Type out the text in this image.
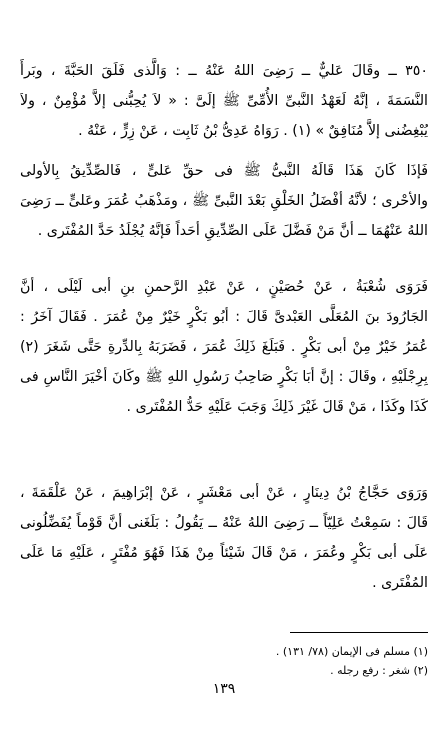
٣٥٠ ــ وقَالَ عَليٌّ ــ رَضِىَ اللهُ عَنْهُ ــ : وَالَّذى فَلَقَ الحَبَّةَ ، وبَرأَ
النَّسَمَةَ ، إنَّهُ لَعَهْدُ النَّبىِّ الأُمِّىِّ ﷺ إلَىَّ : « لاَ يُحِبُّنى إلاَّ مُؤْمِنٌ ، ولاَ
يُبْغِضُنى إلاَّ مُنَافِقٌ » (١) . رَوَاهُ عَدِىُّ بْنُ ثَابِت ، عَنْ زِرٍّ ، عَنْهُ .
فَإذَا كَانَ هَذَا قَالَهُ النَّبىُّ ﷺ فى حقِّ عَلىٍّ ، فَالصِّدِّيقُ بِالأولى
والأحْرى ؛ لأنَّهُ أفْضَلُ الخَلْقِ بَعْدَ النَّبىِّ ﷺ ، ومَذْهَبُ عُمَرَ وعَلىٍّ ــ رَضِىَ
اللهُ عَنْهُمَا ــ أنَّ مَنْ فَضَّلَ عَلَى الصِّدِّيقِ أحَداً فَإنَّهُ يُجْلَدُ حَدَّ المُفْتَرى .
فَرَوَى شُعْبَةُ ، عَنْ حُصَيْنٍ ، عَنْ عَبْدِ الرَّحمنِ بنِ أبى لَيْلَى ، أنَّ
الجَارُودَ بنَ المُعَلَّى العَبْدىَّ قَالَ : أبُو بَكْرٍ خَيْرٌ مِنْ عُمَرَ . فَقَالَ آخَرُ :
عُمَرُ خَيْرٌ مِنْ أبى بَكْرٍ . فَبَلَغَ ذَلِكَ عُمَرَ ، فَضَرَبَهُ بِالدِّرةِ حَتَّى شَغَرَ (٢)
بِرِجْلَيْهِ ، وقَالَ : إنَّ أبَا بَكْرٍ صَاحِبُ رَسُولِ اللهِ ﷺ وكَانَ أخْيَرَ النَّاسِ فى
كَذَا وكَذَا ، مَنْ قَالَ غَيْرَ ذَلِكَ وَجَبَ عَلَيْهِ حَدُّ المُفْتَرى .
وَرَوَى حَجَّاجُ بْنُ دِينَارٍ ، عَنْ أبى مَعْشَرٍ ، عَنْ إبْرَاهِيمَ ، عَنْ عَلْقَمَةَ ،
قَالَ : سَمِعْتُ عَلِيّاً ــ رَضِىَ اللهُ عَنْهُ ــ يَقُولُ : بَلَغَنى أنَّ قَوْماً يُفَضِّلُونى
عَلَى أبى بَكْرٍ وعُمَرَ ، مَنْ قَالَ شَيْئاً مِنْ هَذَا فَهُوَ مُفْتَرٍ ، عَلَيْهِ مَا عَلَى
المُفْتَرى .
(١) مسلم فى الإيمان (٧٨/ ١٣١) .
(٢) شغر : رفع رجله .
١٣٩
